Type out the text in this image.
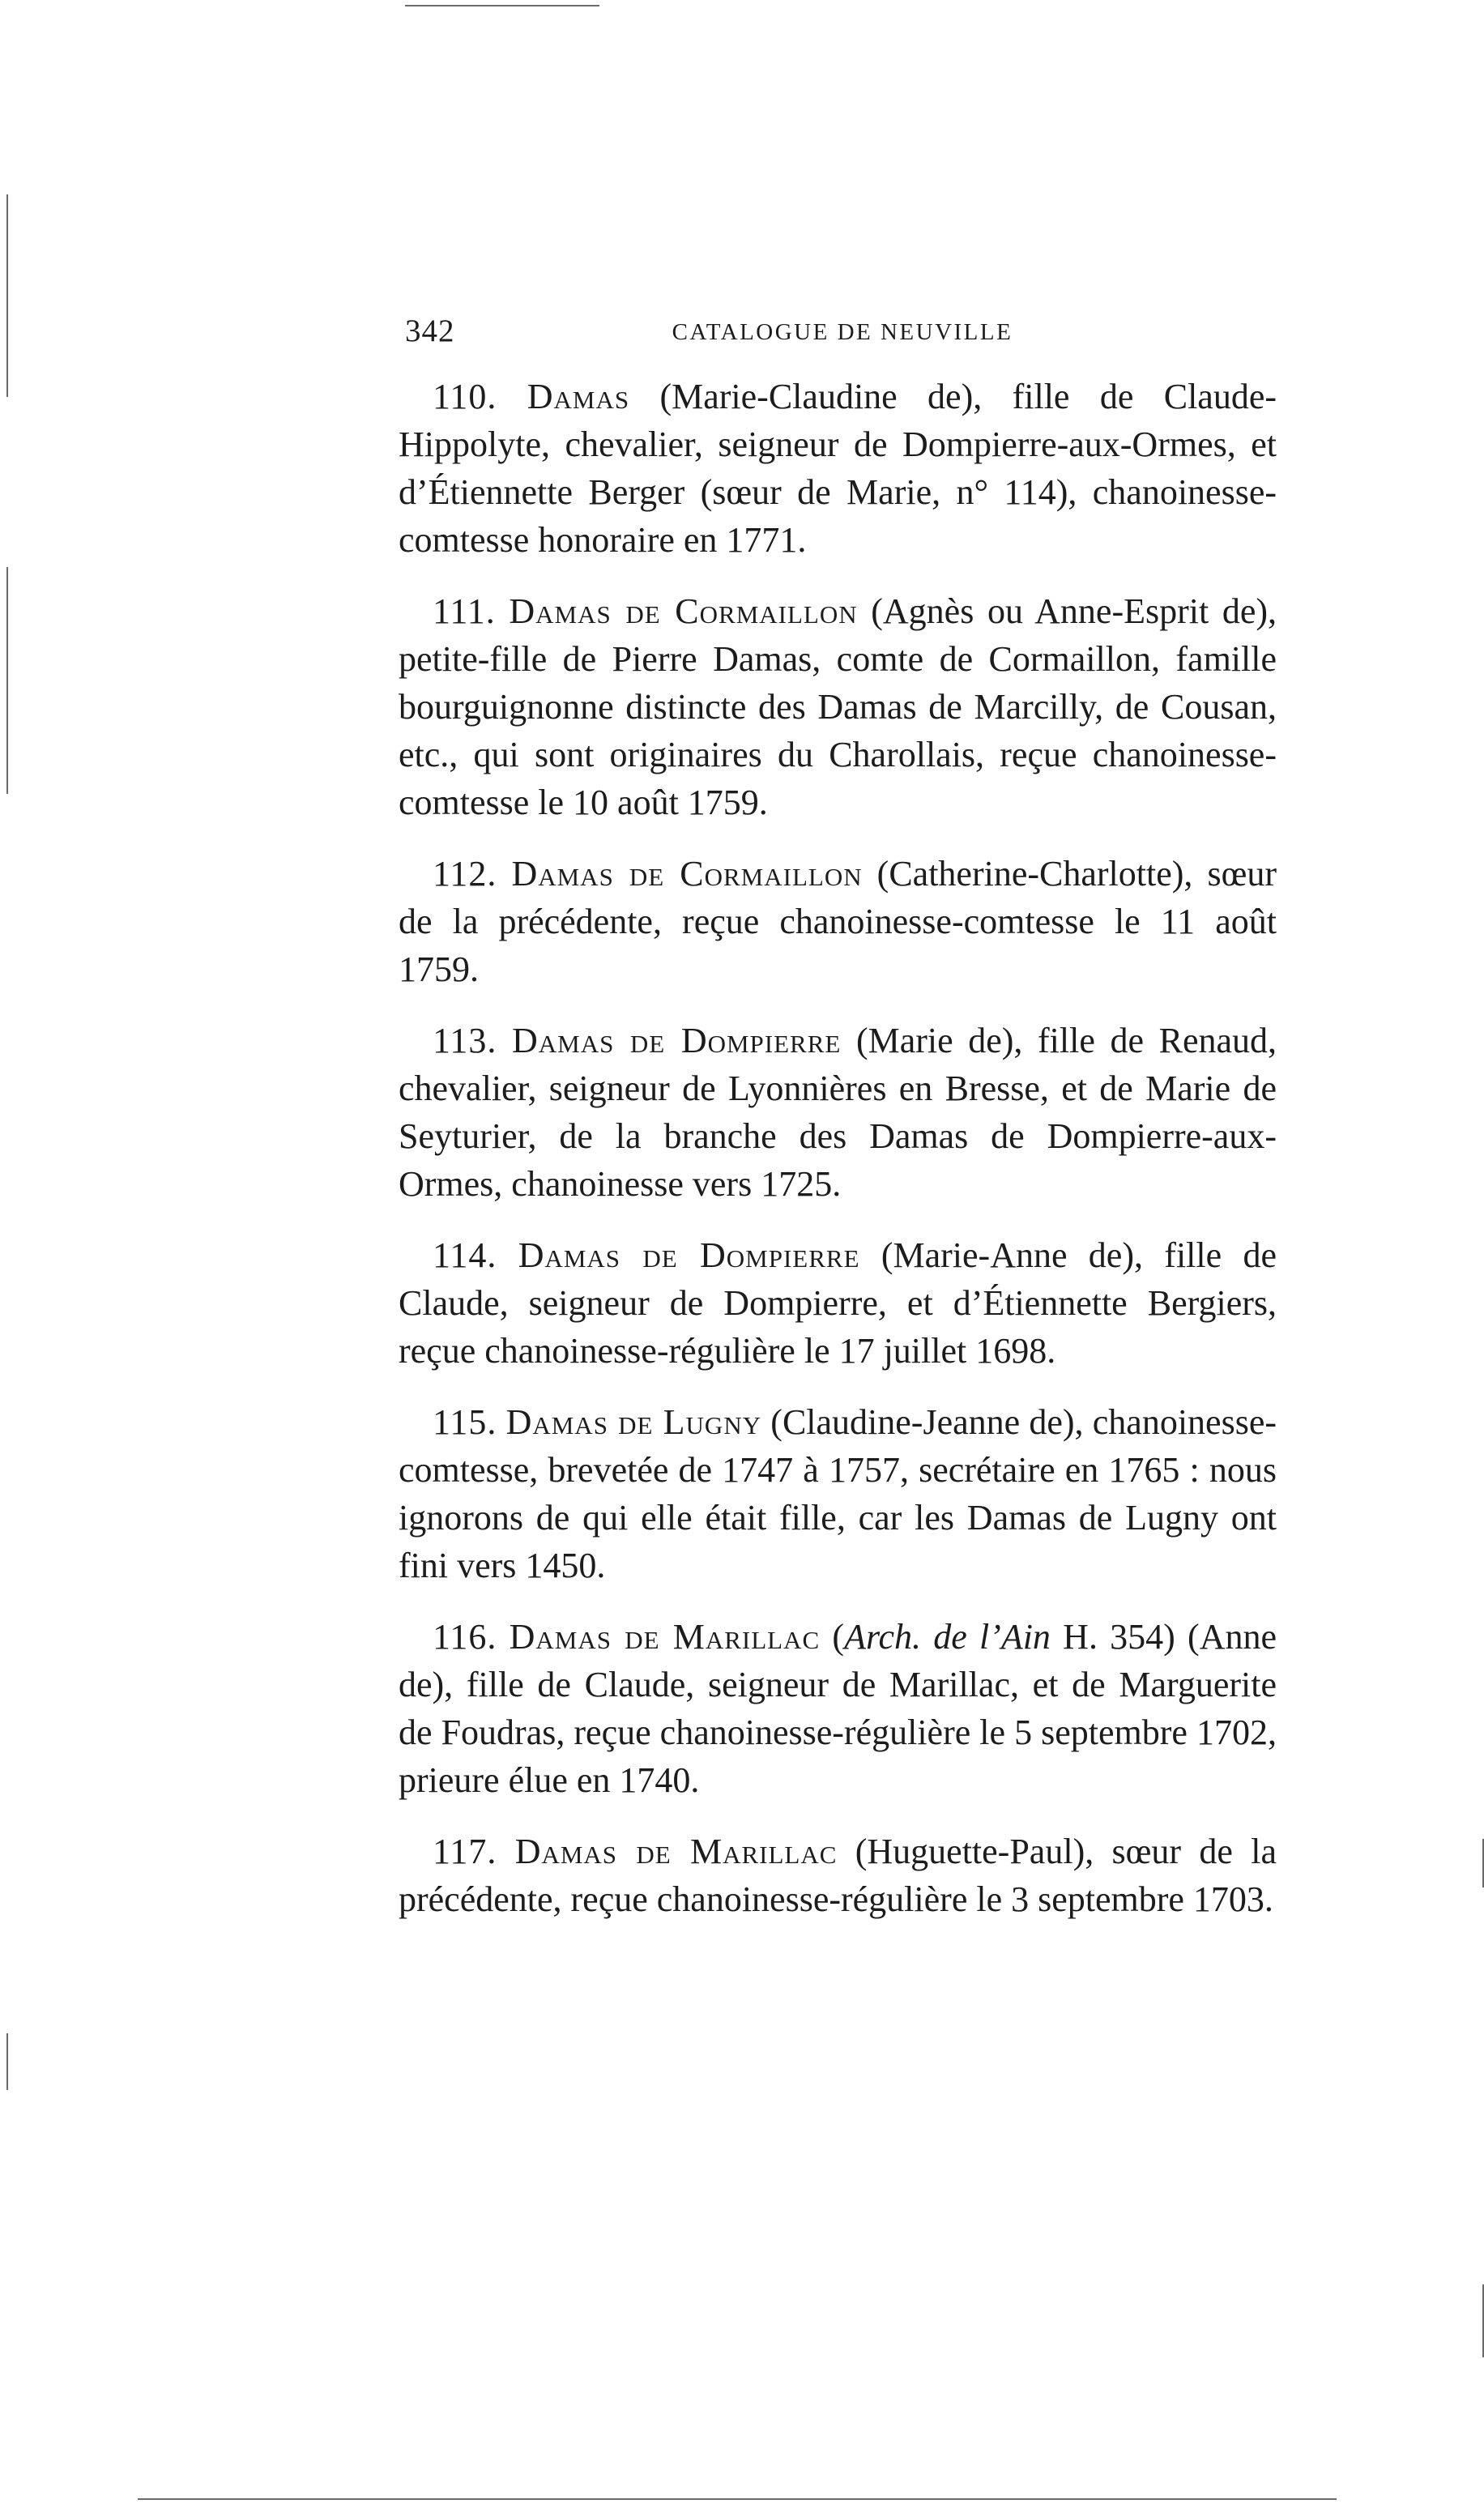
342	CATALOGUE DE NEUVILLE

110. Damas (Marie-Claudine de), fille de Claude-Hippolyte, chevalier, seigneur de Dompierre-aux-Ormes, et d’Étiennette Berger (sœur de Marie, n° 114), chanoinesse-comtesse honoraire en 1771.

111. Damas de Cormaillon (Agnès ou Anne-Esprit de), petite-fille de Pierre Damas, comte de Cormaillon, famille bourguignonne distincte des Damas de Marcilly, de Cousan, etc., qui sont originaires du Charollais, reçue chanoinesse-comtesse le 10 août 1759.

112. Damas de Cormaillon (Catherine-Charlotte), sœur de la précédente, reçue chanoinesse-comtesse le 11 août 1759.

113. Damas de Dompierre (Marie de), fille de Renaud, chevalier, seigneur de Lyonnières en Bresse, et de Marie de Seyturier, de la branche des Damas de Dompierre-aux-Ormes, chanoinesse vers 1725.

114. Damas de Dompierre (Marie-Anne de), fille de Claude, seigneur de Dompierre, et d’Étiennette Bergiers, reçue chanoinesse-régulière le 17 juillet 1698.

115. Damas de Lugny (Claudine-Jeanne de), chanoinesse-comtesse, brevetée de 1747 à 1757, secrétaire en 1765 : nous ignorons de qui elle était fille, car les Damas de Lugny ont fini vers 1450.

116. Damas de Marillac (Arch. de l’Ain H. 354) (Anne de), fille de Claude, seigneur de Marillac, et de Marguerite de Foudras, reçue chanoinesse-régulière le 5 septembre 1702, prieure élue en 1740.

117. Damas de Marillac (Huguette-Paul), sœur de la précédente, reçue chanoinesse-régulière le 3 septembre 1703.
